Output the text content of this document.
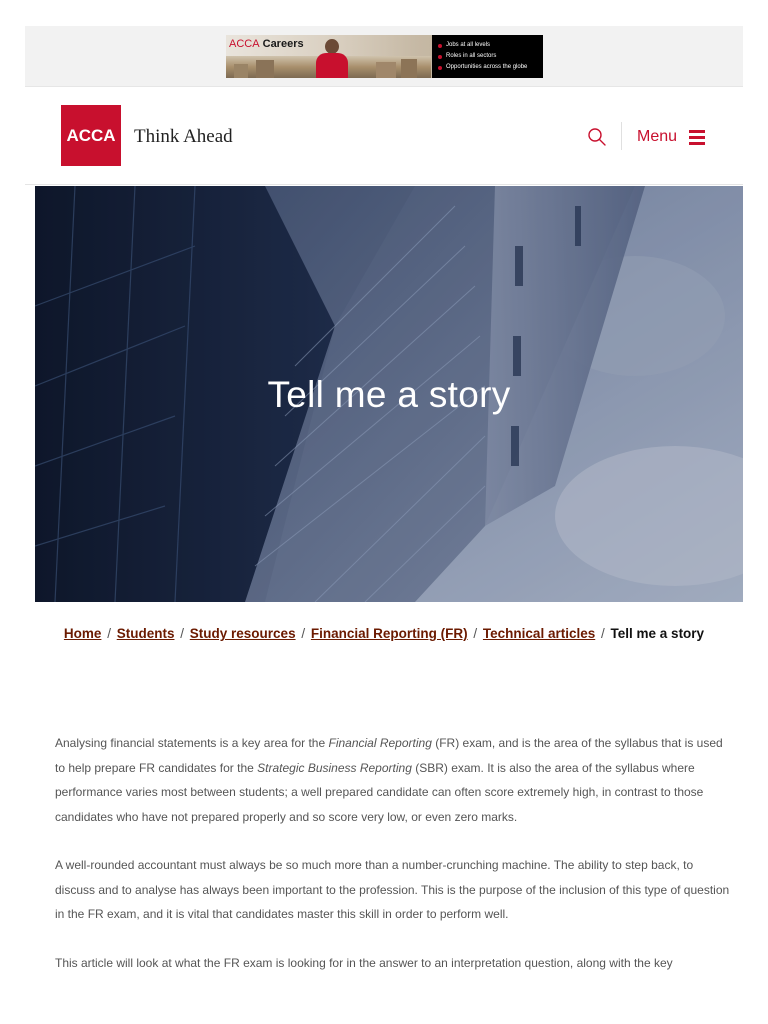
ACCA Careers	Jobs at all levels
Roles in all sectors
Opportunities across the globe
ACCA Think Ahead	Menu
Tell me a story
Home / Students / Study resources / Financial Reporting (FR) / Technical articles / Tell me a story

Analysing financial statements is a key area for the Financial Reporting (FR) exam, and is the area of the syllabus that is used to help prepare FR candidates for the Strategic Business Reporting (SBR) exam. It is also the area of the syllabus where performance varies most between students; a well prepared candidate can often score extremely high, in contrast to those candidates who have not prepared properly and so score very low, or even zero marks.

A well-rounded accountant must always be so much more than a number-crunching machine. The ability to step back, to discuss and to analyse has always been important to the profession. This is the purpose of the inclusion of this type of question in the FR exam, and it is vital that candidates master this skill in order to perform well.

This article will look at what the FR exam is looking for in the answer to an interpretation question, along with the key
